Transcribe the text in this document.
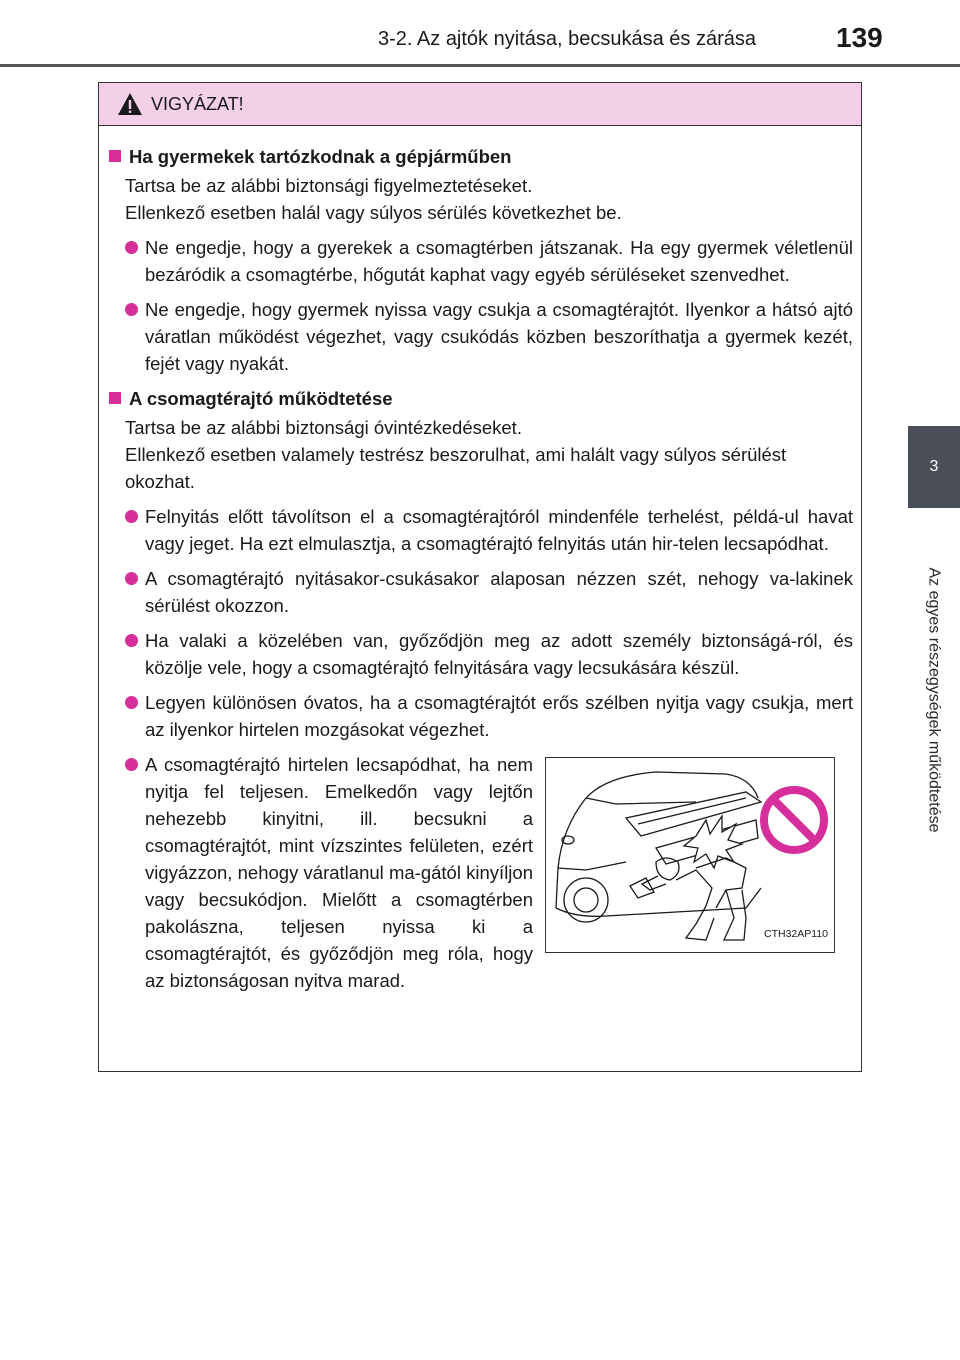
3-2. Az ajtók nyitása, becsukása és zárása	139
3
Az egyes részegységek működtetése
VIGYÁZAT!
Ha gyermekek tartózkodnak a gépjárműben
Tartsa be az alábbi biztonsági figyelmeztetéseket.
Ellenkező esetben halál vagy súlyos sérülés következhet be.
Ne engedje, hogy a gyerekek a csomagtérben játszanak. Ha egy gyermek véletlenül bezáródik a csomagtérbe, hőgutát kaphat vagy egyéb sérüléseket szenvedhet.
Ne engedje, hogy gyermek nyissa vagy csukja a csomagtérajtót. Ilyenkor a hátsó ajtó váratlan működést végezhet, vagy csukódás közben beszoríthatja a gyermek kezét, fejét vagy nyakát.
A csomagtérajtó működtetése
Tartsa be az alábbi biztonsági óvintézkedéseket.
Ellenkező esetben valamely testrész beszorulhat, ami halált vagy súlyos sérülést okozhat.
Felnyitás előtt távolítson el a csomagtérajtóról mindenféle terhelést, példá-ul havat vagy jeget. Ha ezt elmulasztja, a csomagtérajtó felnyitás után hir-telen lecsapódhat.
A csomagtérajtó nyitásakor-csukásakor alaposan nézzen szét, nehogy va-lakinek sérülést okozzon.
Ha valaki a közelében van, győződjön meg az adott személy biztonságá-ról, és közölje vele, hogy a csomagtérajtó felnyitására vagy lecsukására készül.
Legyen különösen óvatos, ha a csomagtérajtót erős szélben nyitja vagy csukja, mert az ilyenkor hirtelen mozgásokat végezhet.
A csomagtérajtó hirtelen lecsapódhat, ha nem nyitja fel teljesen. Emelkedőn vagy lejtőn nehezebb kinyitni, ill. becsukni a csomagtérajtót, mint vízszintes felületen, ezért vigyázzon, nehogy váratlanul ma-gától kinyíljon vagy becsukódjon. Mielőtt a csomagtérben pakolászna, teljesen nyissa ki a csomagtérajtót, és győződjön meg róla, hogy az biztonságosan nyitva marad.
CTH32AP110
